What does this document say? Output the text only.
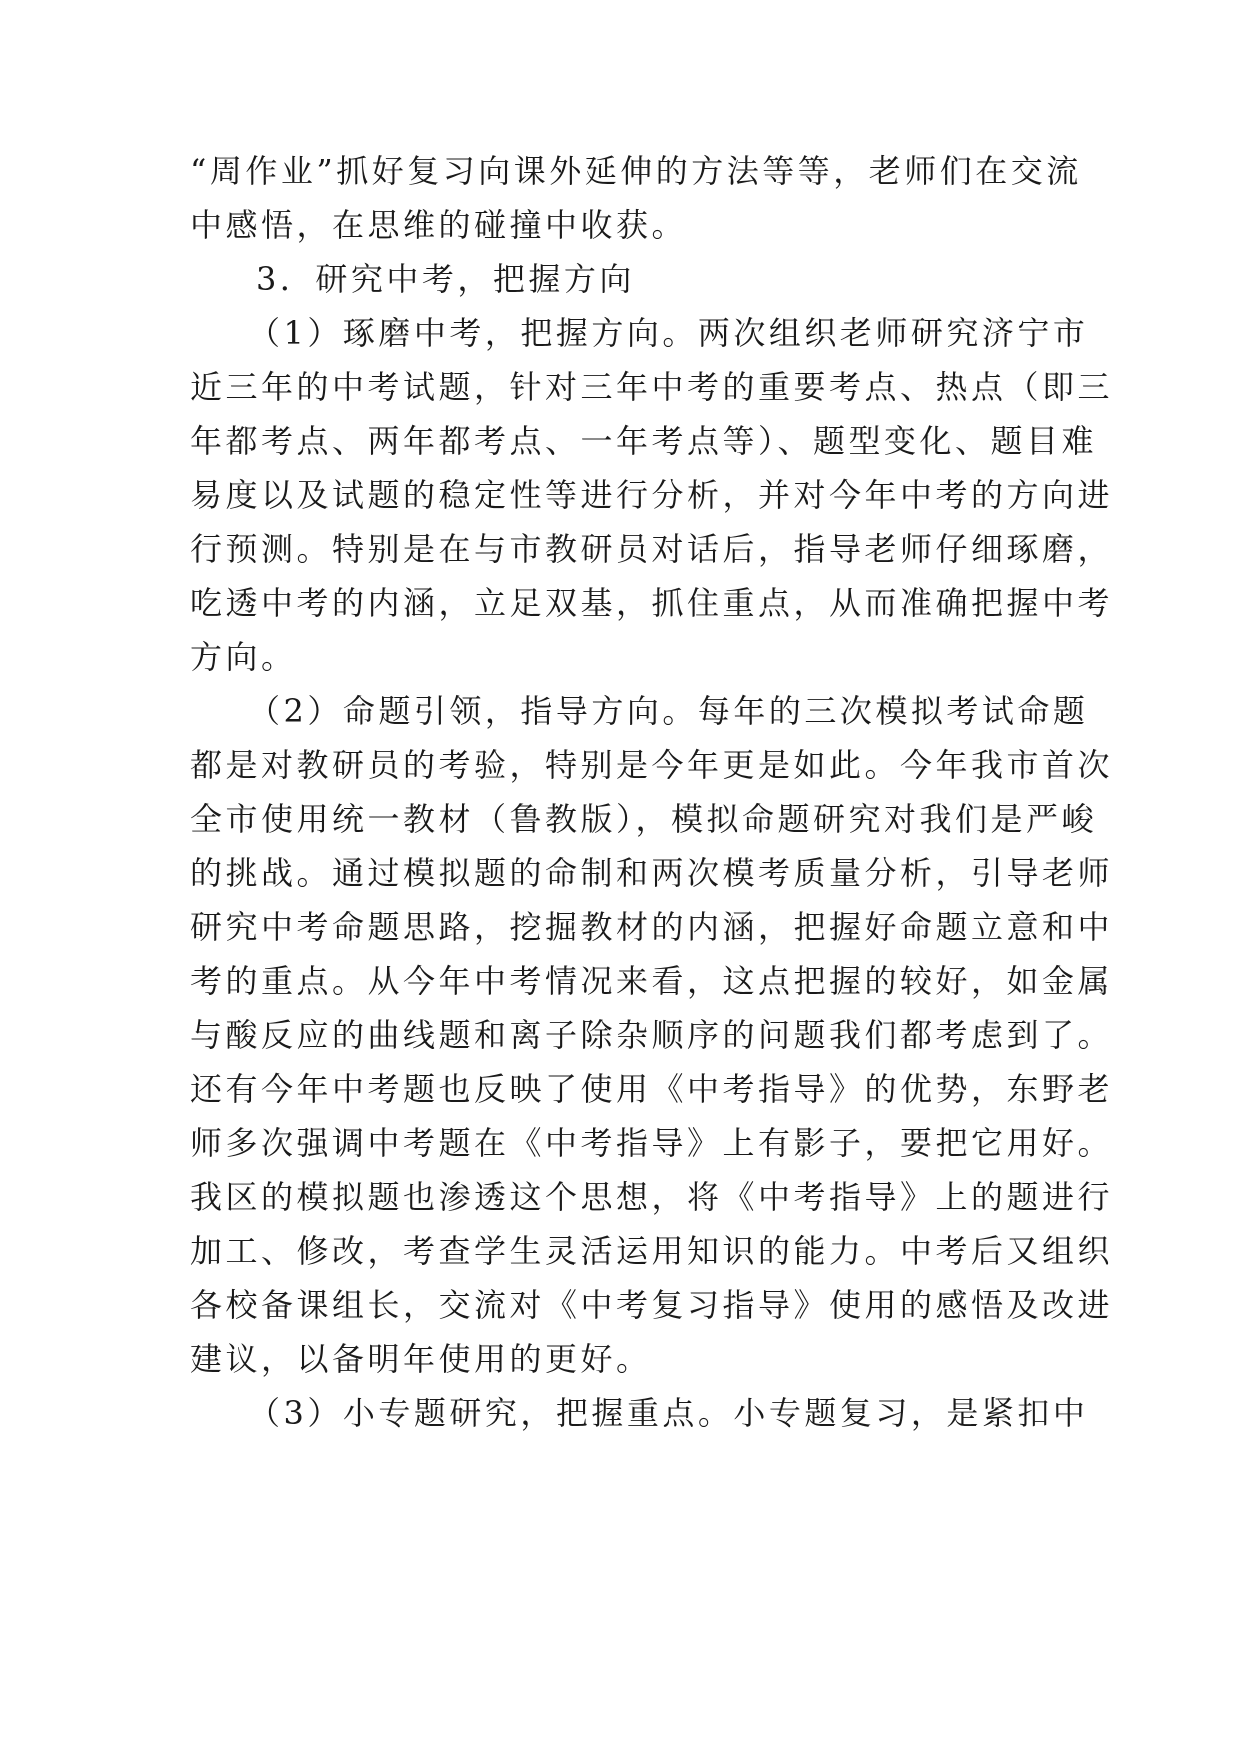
“周作业”抓好复习向课外延伸的方法等等，老师们在交流
中感悟，在思维的碰撞中收获。
3．研究中考，把握方向
（1）琢磨中考，把握方向。两次组织老师研究济宁市
近三年的中考试题，针对三年中考的重要考点、热点（即三
年都考点、两年都考点、一年考点等）、题型变化、题目难
易度以及试题的稳定性等进行分析，并对今年中考的方向进
行预测。特别是在与市教研员对话后，指导老师仔细琢磨，
吃透中考的内涵，立足双基，抓住重点，从而准确把握中考
方向。
（2）命题引领，指导方向。每年的三次模拟考试命题
都是对教研员的考验，特别是今年更是如此。今年我市首次
全市使用统一教材（鲁教版），模拟命题研究对我们是严峻
的挑战。通过模拟题的命制和两次模考质量分析，引导老师
研究中考命题思路，挖掘教材的内涵，把握好命题立意和中
考的重点。从今年中考情况来看，这点把握的较好，如金属
与酸反应的曲线题和离子除杂顺序的问题我们都考虑到了。
还有今年中考题也反映了使用《中考指导》的优势，东野老
师多次强调中考题在《中考指导》上有影子，要把它用好。
我区的模拟题也渗透这个思想，将《中考指导》上的题进行
加工、修改，考查学生灵活运用知识的能力。中考后又组织
各校备课组长，交流对《中考复习指导》使用的感悟及改进
建议，以备明年使用的更好。
（3）小专题研究，把握重点。小专题复习，是紧扣中
